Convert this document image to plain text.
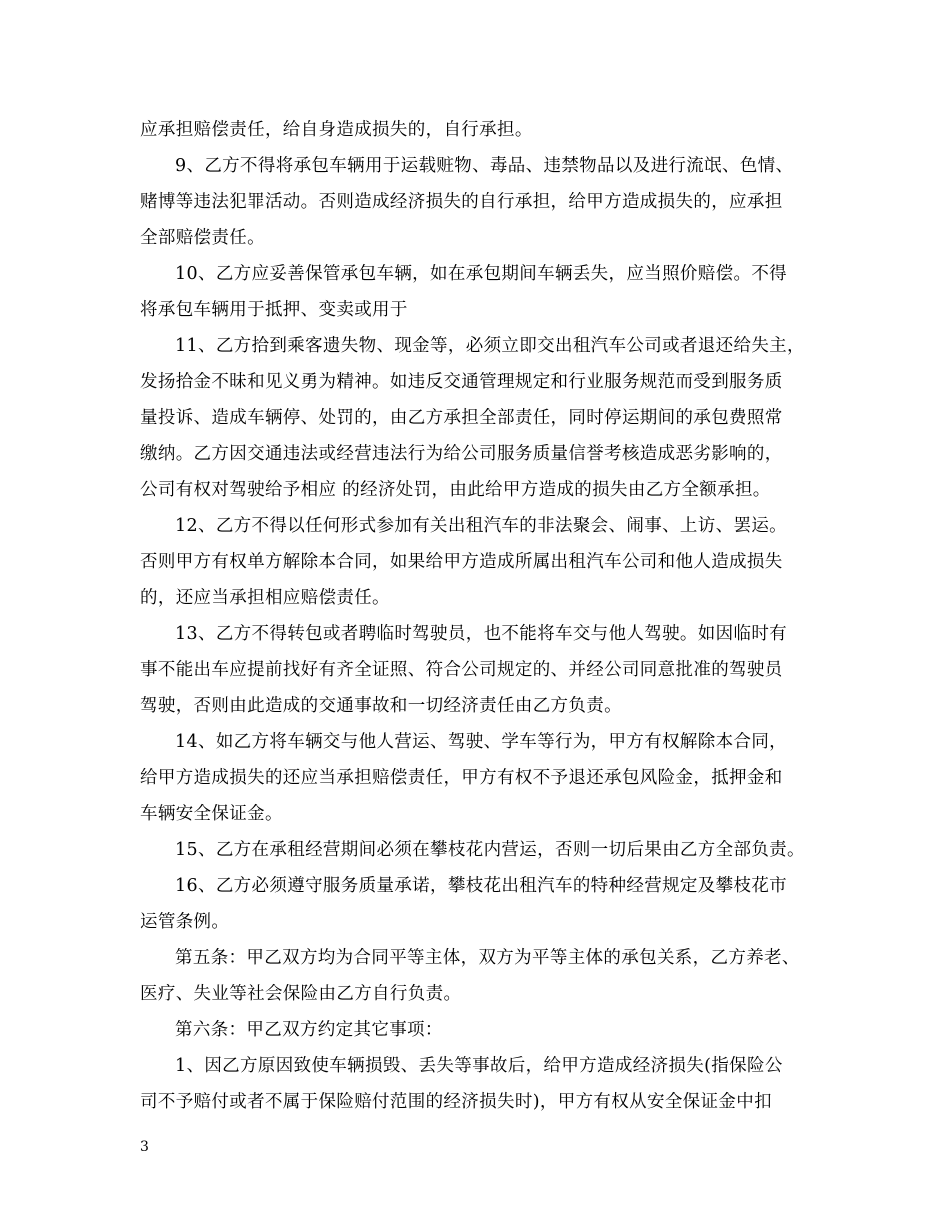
应承担赔偿责任，给自身造成损失的，自行承担。
9、乙方不得将承包车辆用于运载赃物、毒品、违禁物品以及进行流氓、色情、
赌博等违法犯罪活动。否则造成经济损失的自行承担，给甲方造成损失的，应承担
全部赔偿责任。
10、乙方应妥善保管承包车辆，如在承包期间车辆丢失，应当照价赔偿。不得
将承包车辆用于抵押、变卖或用于
11、乙方拾到乘客遗失物、现金等，必须立即交出租汽车公司或者退还给失主，
发扬拾金不昧和见义勇为精神。如违反交通管理规定和行业服务规范而受到服务质
量投诉、造成车辆停、处罚的，由乙方承担全部责任，同时停运期间的承包费照常
缴纳。乙方因交通违法或经营违法行为给公司服务质量信誉考核造成恶劣影响的，
公司有权对驾驶给予相应 的经济处罚，由此给甲方造成的损失由乙方全额承担。
12、乙方不得以任何形式参加有关出租汽车的非法聚会、闹事、上访、罢运。
否则甲方有权单方解除本合同，如果给甲方造成所属出租汽车公司和他人造成损失
的，还应当承担相应赔偿责任。
13、乙方不得转包或者聘临时驾驶员，也不能将车交与他人驾驶。如因临时有
事不能出车应提前找好有齐全证照、符合公司规定的、并经公司同意批准的驾驶员
驾驶，否则由此造成的交通事故和一切经济责任由乙方负责。
14、如乙方将车辆交与他人营运、驾驶、学车等行为，甲方有权解除本合同，
给甲方造成损失的还应当承担赔偿责任，甲方有权不予退还承包风险金，抵押金和
车辆安全保证金。
15、乙方在承租经营期间必须在攀枝花内营运，否则一切后果由乙方全部负责。
16、乙方必须遵守服务质量承诺，攀枝花出租汽车的特种经营规定及攀枝花市
运管条例。
第五条：甲乙双方均为合同平等主体，双方为平等主体的承包关系，乙方养老、
医疗、失业等社会保险由乙方自行负责。
第六条：甲乙双方约定其它事项：
1、因乙方原因致使车辆损毁、丢失等事故后，给甲方造成经济损失(指保险公
司不予赔付或者不属于保险赔付范围的经济损失时)，甲方有权从安全保证金中扣
3
